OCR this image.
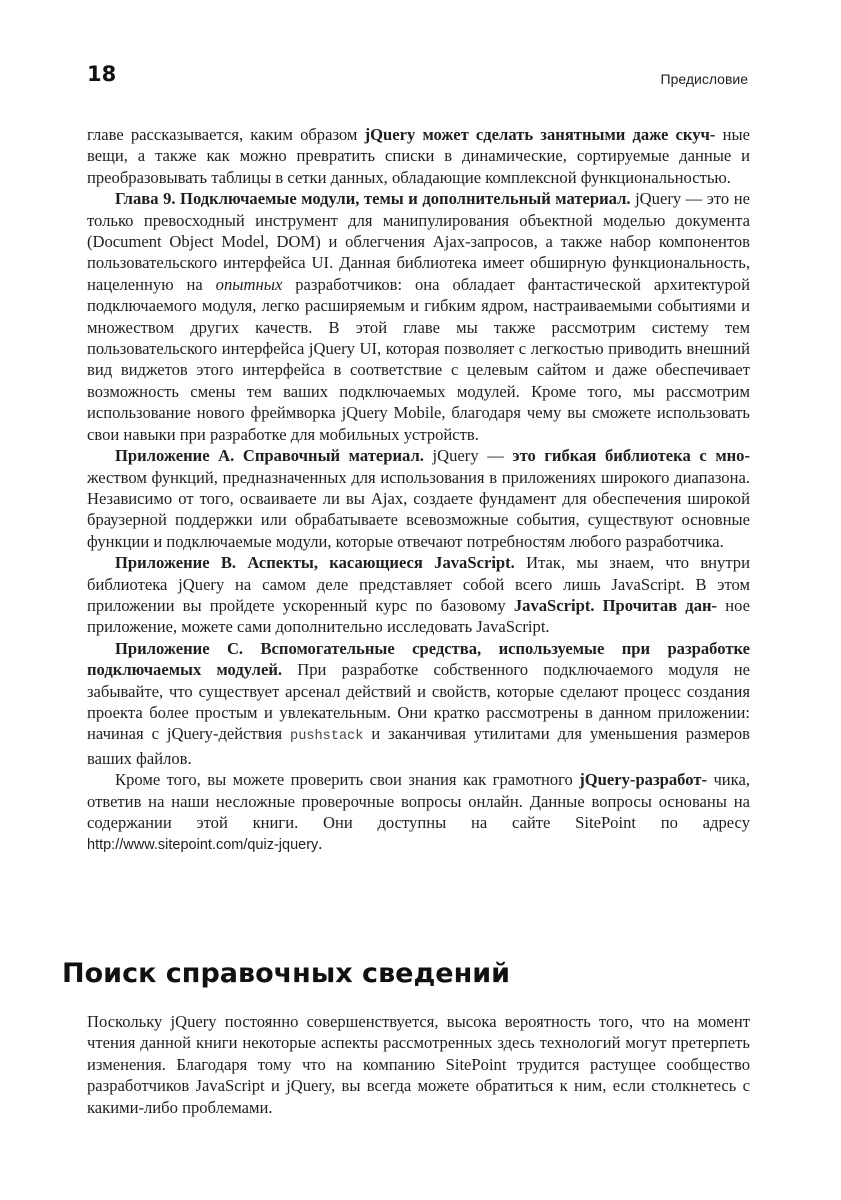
18	Предисловие

главе рассказывается, каким образом jQuery может сделать занятными даже скуч- ные вещи, а также как можно превратить списки в динамические, сортируемые данные и преобразовывать таблицы в сетки данных, обладающие комплексной функциональностью.

Глава 9. Подключаемые модули, темы и дополнительный материал. jQuery — это не только превосходный инструмент для манипулирования объектной моделью документа (Document Object Model, DOM) и облегчения Ajax-запросов, а также набор компонентов пользовательского интерфейса UI. Данная библиотека имеет обширную функциональность, нацеленную на опытных разработчиков: она обладает фантастической архитектурой подключаемого модуля, легко расширяемым и гибким ядром, настраиваемыми событиями и множеством других качеств. В этой главе мы также рассмотрим систему тем пользовательского интерфейса jQuery UI, которая позволяет с легкостью приводить внешний вид виджетов этого интерфейса в соответствие с целевым сайтом и даже обеспечивает возможность смены тем ваших подключаемых модулей. Кроме того, мы рассмотрим использование нового фреймворка jQuery Mobile, благодаря чему вы сможете использовать свои навыки при разработке для мобильных устройств.

Приложение А. Справочный материал. jQuery — это гибкая библиотека с мно- жеством функций, предназначенных для использования в приложениях широкого диапазона. Независимо от того, осваиваете ли вы Ajax, создаете фундамент для обеспечения широкой браузерной поддержки или обрабатываете всевозможные события, существуют основные функции и подключаемые модули, которые отвечают потребностям любого разработчика.

Приложение В. Аспекты, касающиеся JavaScript. Итак, мы знаем, что внутри библиотека jQuery на самом деле представляет собой всего лишь JavaScript. В этом приложении вы пройдете ускоренный курс по базовому JavaScript. Прочитав дан- ное приложение, можете сами дополнительно исследовать JavaScript.

Приложение С. Вспомогательные средства, используемые при разработке подключаемых модулей. При разработке собственного подключаемого модуля не забывайте, что существует арсенал действий и свойств, которые сделают процесс создания проекта более простым и увлекательным. Они кратко рассмотрены в данном приложении: начиная с jQuery-действия pushstack и заканчивая утилитами для уменьшения размеров ваших файлов.

Кроме того, вы можете проверить свои знания как грамотного jQuery-разработ- чика, ответив на наши несложные проверочные вопросы онлайн. Данные вопросы основаны на содержании этой книги. Они доступны на сайте SitePoint по адресу http://www.sitepoint.com/quiz-jquery.

Поиск справочных сведений

Поскольку jQuery постоянно совершенствуется, высока вероятность того, что на момент чтения данной книги некоторые аспекты рассмотренных здесь технологий могут претерпеть изменения. Благодаря тому что на компанию SitePoint трудится растущее сообщество разработчиков JavaScript и jQuery, вы всегда можете обратиться к ним, если столкнетесь с какими-либо проблемами.
